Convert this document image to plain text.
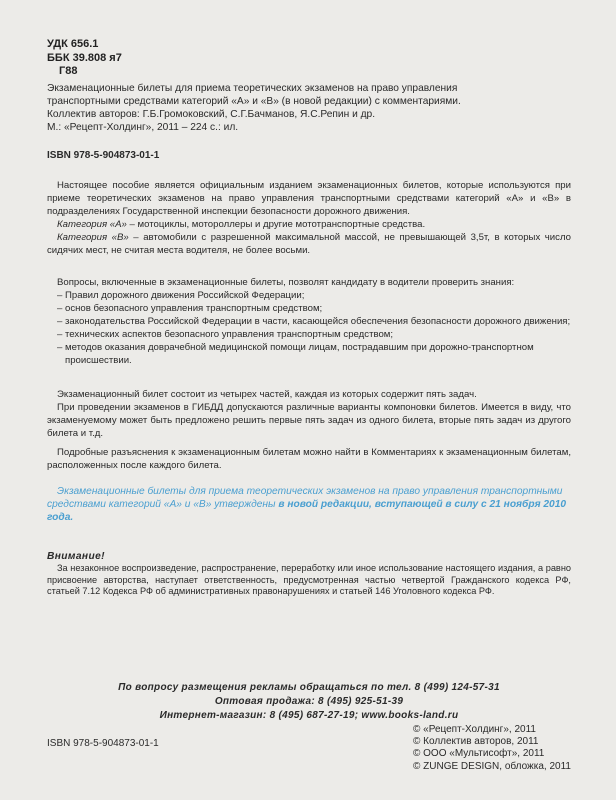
УДК 656.1
ББК 39.808 я7
Г88
Экзаменационные билеты для приема теоретических экзаменов на право управления
транспортными средствами категорий «А» и «В» (в новой редакции) с комментариями.
Коллектив авторов: Г.Б.Громоковский, С.Г.Бачманов, Я.С.Репин и др.
М.: «Рецепт-Холдинг», 2011 – 224 с.: ил.
ISBN 978-5-904873-01-1

Настоящее пособие является официальным изданием экзаменационных билетов, которые используются при приеме теоретических экзаменов на право управления транспортными средствами категорий «А» и «В» в подразделениях Государственной инспекции безопасности дорожного движения.

Категория «А» – мотоциклы, мотороллеры и другие мототранспортные средства.

Категория «В» – автомобили с разрешенной максимальной массой, не превышающей 3,5т, в которых число сидячих мест, не считая места водителя, не более восьми.

Вопросы, включенные в экзаменационные билеты, позволят кандидату в водители проверить знания:

– Правил дорожного движения Российской Федерации;
– основ безопасного управления транспортным средством;
– законодательства Российской Федерации в части, касающейся обеспечения безопасности дорожного движения;
– технических аспектов безопасного управления транспортным средством;
– методов оказания доврачебной медицинской помощи лицам, пострадавшим при дорожно-транспортном происшествии.

Экзаменационный билет состоит из четырех частей, каждая из которых содержит пять задач.

При проведении экзаменов в ГИБДД допускаются различные варианты компоновки билетов. Имеется в виду, что экзаменуемому может быть предложено решить первые пять задач из одного билета, вторые пять задач из другого билета и т.д.

Подробные разъяснения к экзаменационным билетам можно найти в Комментариях к экзаменационным билетам, расположенных после каждого билета.

Экзаменационные билеты для приема теоретических экзаменов на право управления транспортными средствами категорий «А» и «В» утверждены в новой редакции, вступающей в силу с 21 ноября 2010 года.

Внимание!

За незаконное воспроизведение, распространение, переработку или иное использование настоящего издания, а равно присвоение авторства, наступает ответственность, предусмотренная частью четвертой Гражданского кодекса РФ, статьей 7.12 Кодекса РФ об административных правонарушениях и статьей 146 Уголовного кодекса РФ.

По вопросу размещения рекламы обращаться по тел. 8 (499) 124-57-31
Оптовая продажа: 8 (495) 925-51-39
Интернет-магазин: 8 (495) 687-27-19; www.books-land.ru
ISBN 978-5-904873-01-1
© «Рецепт-Холдинг», 2011
© Коллектив авторов, 2011
© ООО «Мультисофт», 2011
© ZUNGE DESIGN, обложка, 2011
